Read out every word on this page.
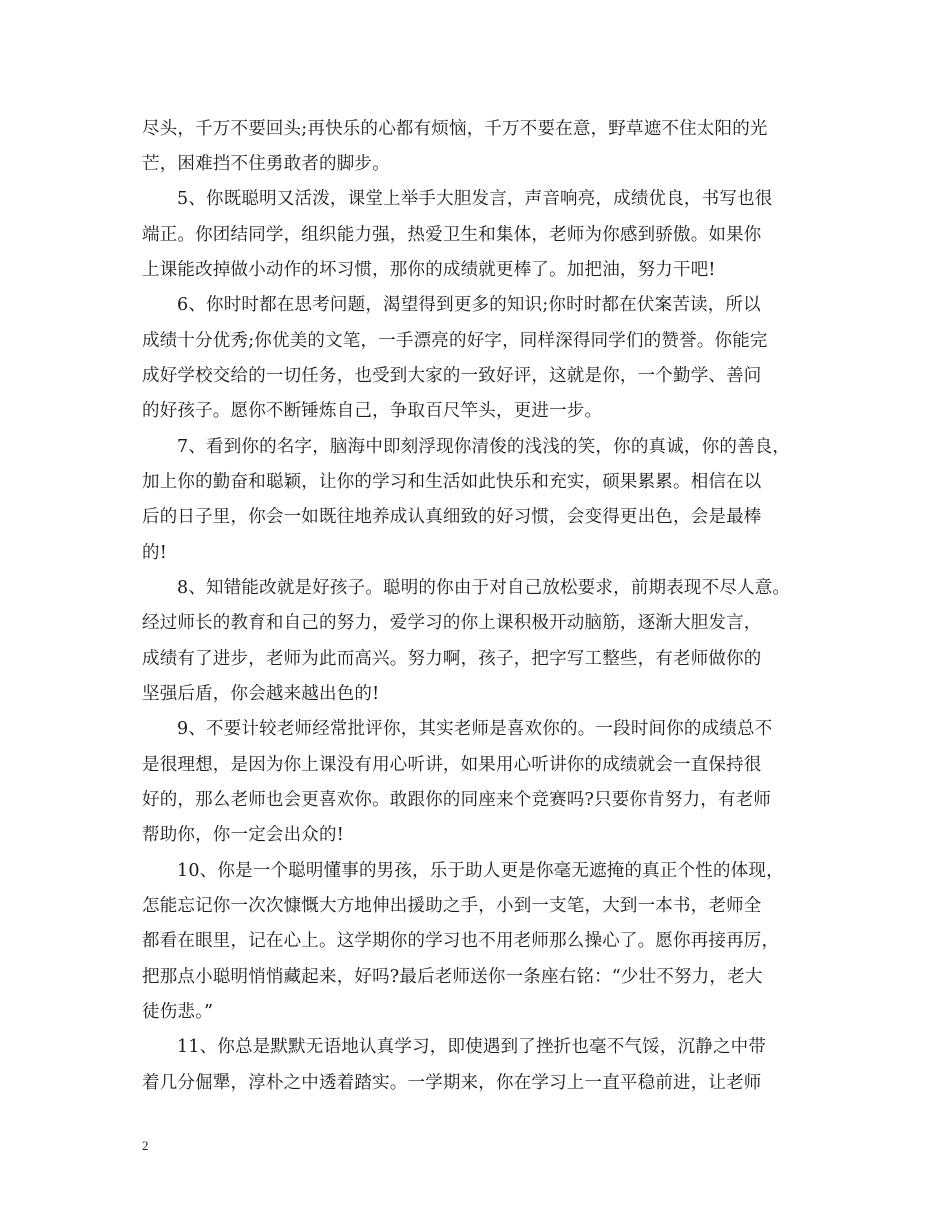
尽头，千万不要回头;再快乐的心都有烦恼，千万不要在意，野草遮不住太阳的光
芒，困难挡不住勇敢者的脚步。
5、你既聪明又活泼，课堂上举手大胆发言，声音响亮，成绩优良，书写也很
端正。你团结同学，组织能力强，热爱卫生和集体，老师为你感到骄傲。如果你
上课能改掉做小动作的坏习惯，那你的成绩就更棒了。加把油，努力干吧!
6、你时时都在思考问题，渴望得到更多的知识;你时时都在伏案苦读，所以
成绩十分优秀;你优美的文笔，一手漂亮的好字，同样深得同学们的赞誉。你能完
成好学校交给的一切任务，也受到大家的一致好评，这就是你，一个勤学、善问
的好孩子。愿你不断锤炼自己，争取百尺竿头，更进一步。
7、看到你的名字，脑海中即刻浮现你清俊的浅浅的笑，你的真诚，你的善良，
加上你的勤奋和聪颖，让你的学习和生活如此快乐和充实，硕果累累。相信在以
后的日子里，你会一如既往地养成认真细致的好习惯，会变得更出色，会是最棒
的!
8、知错能改就是好孩子。聪明的你由于对自己放松要求，前期表现不尽人意。
经过师长的教育和自己的努力，爱学习的你上课积极开动脑筋，逐渐大胆发言，
成绩有了进步，老师为此而高兴。努力啊，孩子，把字写工整些，有老师做你的
坚强后盾，你会越来越出色的!
9、不要计较老师经常批评你，其实老师是喜欢你的。一段时间你的成绩总不
是很理想，是因为你上课没有用心听讲，如果用心听讲你的成绩就会一直保持很
好的，那么老师也会更喜欢你。敢跟你的同座来个竞赛吗?只要你肯努力，有老师
帮助你，你一定会出众的!
10、你是一个聪明懂事的男孩，乐于助人更是你毫无遮掩的真正个性的体现，
怎能忘记你一次次慷慨大方地伸出援助之手，小到一支笔，大到一本书，老师全
都看在眼里，记在心上。这学期你的学习也不用老师那么操心了。愿你再接再厉，
把那点小聪明悄悄藏起来，好吗?最后老师送你一条座右铭：“少壮不努力，老大
徒伤悲。”
11、你总是默默无语地认真学习，即使遇到了挫折也毫不气馁，沉静之中带
着几分倔犟，淳朴之中透着踏实。一学期来，你在学习上一直平稳前进，让老师
2
